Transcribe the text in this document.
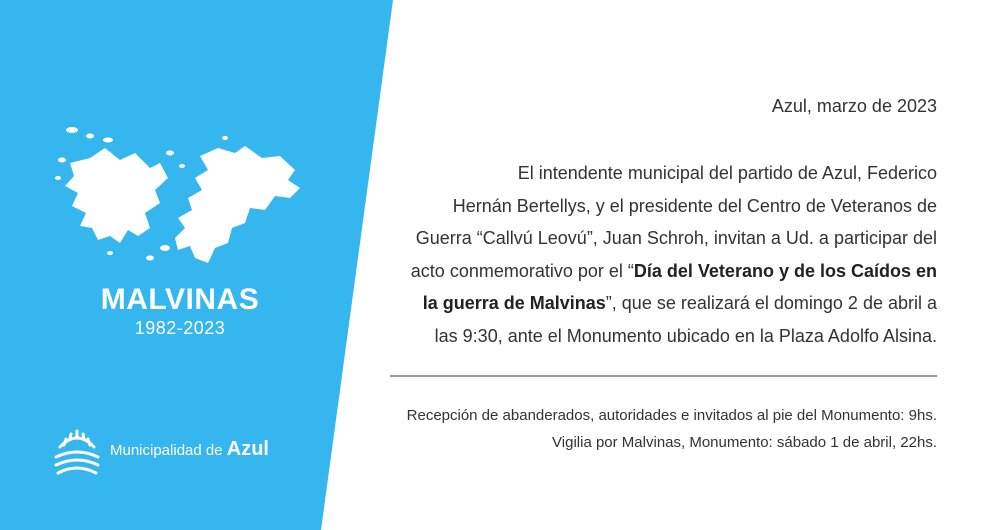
MALVINAS
1982-2023
Municipalidad de Azul
Azul, marzo de 2023
El intendente municipal del partido de Azul, Federico
Hernán Bertellys, y el presidente del Centro de Veteranos de
Guerra “Callvú Leovú”, Juan Schroh, invitan a Ud. a participar del
acto conmemorativo por el “Día del Veterano y de los Caídos en
la guerra de Malvinas”, que se realizará el domingo 2 de abril a
las 9:30, ante el Monumento ubicado en la Plaza Adolfo Alsina.
Recepción de abanderados, autoridades e invitados al pie del Monumento: 9hs.
Vigilia por Malvinas, Monumento: sábado 1 de abril, 22hs.
